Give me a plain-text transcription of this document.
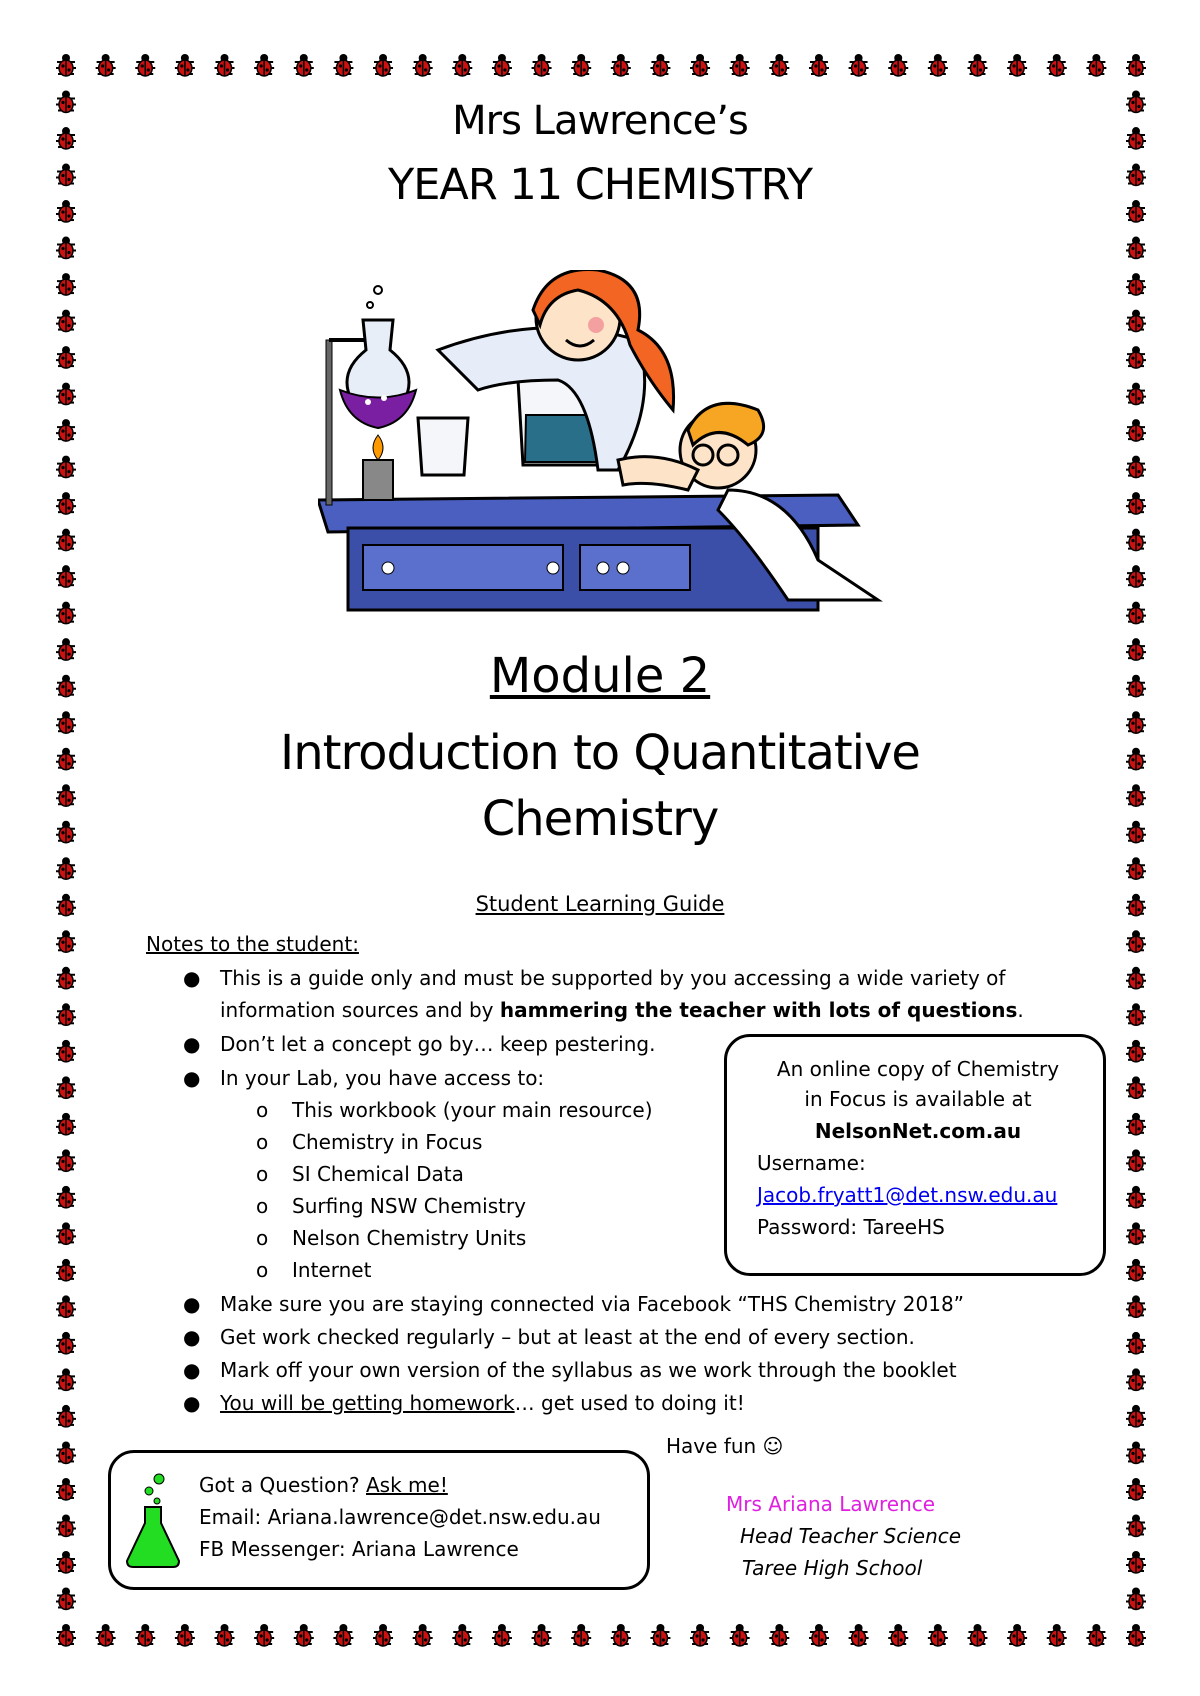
Mrs Lawrence’s
YEAR 11 CHEMISTRY
Module 2
Introduction to Quantitative
Chemistry
Student Learning Guide
Notes to the student:
● This is a guide only and must be supported by you accessing a wide variety of
information sources and by hammering the teacher with lots of questions.
● Don’t let a concept go by… keep pestering.
● In your Lab, you have access to:
o This workbook (your main resource)
o Chemistry in Focus
o SI Chemical Data
o Surfing NSW Chemistry
o Nelson Chemistry Units
o Internet
● Make sure you are staying connected via Facebook “THS Chemistry 2018”
● Get work checked regularly – but at least at the end of every section.
● Mark off your own version of the syllabus as we work through the booklet
● You will be getting homework… get used to doing it!
An online copy of Chemistry
in Focus is available at
NelsonNet.com.au
Username:
Jacob.fryatt1@det.nsw.edu.au
Password: TareeHS
Have fun ☺
Got a Question? Ask me!
Email: Ariana.lawrence@det.nsw.edu.au
FB Messenger: Ariana Lawrence
Mrs Ariana Lawrence
Head Teacher Science
Taree High School
